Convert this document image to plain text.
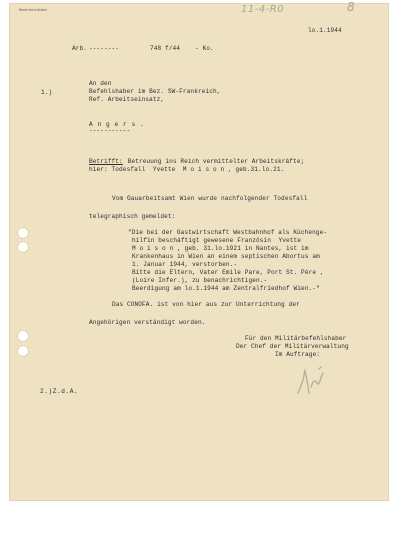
Mauerbeständen -	11-4-R0	8
lo.1.1944
Arb. --------	748 f/44 - Ko.
1.)
An den
Befehlshaber im Bez. SW-Frankreich,
Ref. Arbeitseinsatz,
A n g e r s .
-----------
Betrifft: Betreuung ins Reich vermittelter Arbeitskräfte;
hier: Todesfall  Yvette  M o i s o n , geb.31.lo.21.
Vom Gauarbeitsamt Wien wurde nachfolgender Todesfall
telegraphisch gemeldet:
"Die bei der Gastwirtschaft Westbahnhof als Küchenge-
hilfin beschäftigt gewesene Französin  Yvette
M o i s o n , geb. 31.lo.1921 in Nantes, ist im
Krankenhaus in Wien an einem septischen Abortus am
1. Januar 1944, verstorben.-
Bitte die Eltern, Vater Emile Pare, Port St. Père ,
(Loire Infer.), zu benachrichtigen.-
Beerdigung am lo.1.1944 am Zentralfriedhof Wien.-"
Das CONOFA. ist von hier aus zur Unterrichtung der
Angehörigen verständigt worden.
Für den Militärbefehlshaber
Der Chef der Militärverwaltung
Im Auftrage:
2.)Z.d.A.
